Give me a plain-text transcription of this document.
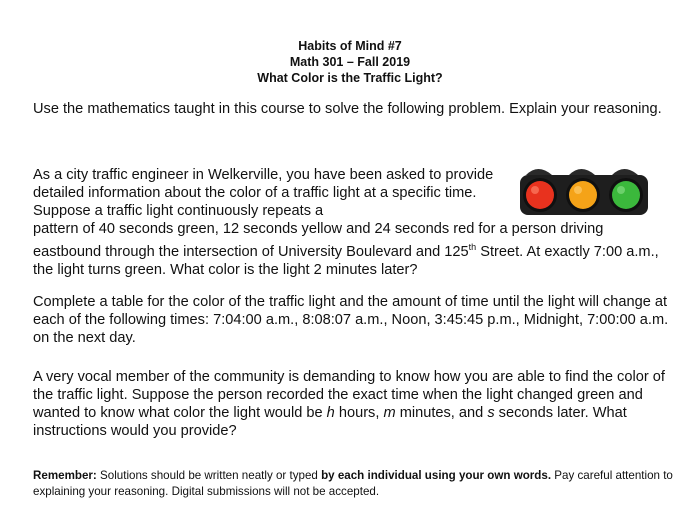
Habits of Mind #7
Math 301 – Fall 2019
What Color is the Traffic Light?

Use the mathematics taught in this course to solve the following problem. Explain your reasoning.

As a city traffic engineer in Welkerville, you have been asked to provide detailed information about the color of a traffic light at a specific time. Suppose a traffic light continuously repeats a

pattern of 40 seconds green, 12 seconds yellow and 24 seconds red for a person driving eastbound through the intersection of University Boulevard and 125th Street. At exactly 7:00 a.m., the light turns green. What color is the light 2 minutes later?

Complete a table for the color of the traffic light and the amount of time until the light will change at each of the following times: 7:04:00 a.m., 8:08:07 a.m., Noon, 3:45:45 p.m., Midnight, 7:00:00 a.m. on the next day.

A very vocal member of the community is demanding to know how you are able to find the color of the traffic light. Suppose the person recorded the exact time when the light changed green and wanted to know what color the light would be h hours, m minutes, and s seconds later. What instructions would you provide?

Remember: Solutions should be written neatly or typed by each individual using your own words. Pay careful attention to explaining your reasoning. Digital submissions will not be accepted.
